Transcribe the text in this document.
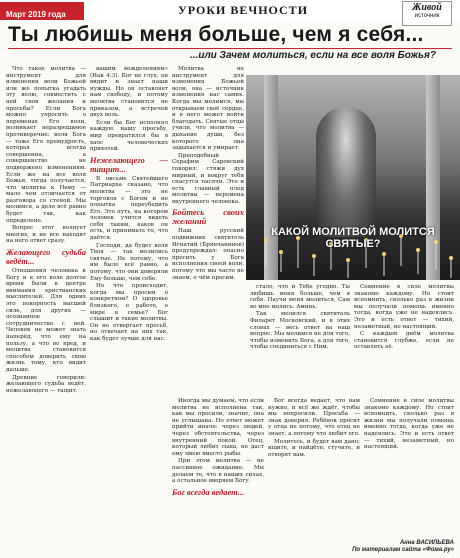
Март 2019 года	УРОКИ ВЕЧНОСТИ	Живой
источник
Ты любишь меня больше, чем я себя...
...или Зачем молиться, если на все воля Божья?

Что такое молитва — инструмент для изменения воли Божьей или же попытка угадать эту волю, совместить с ней свои желания и просьбы? Если Бога можно упросить о переменах Его воли, возникает неразрешимое противоречие: воля Бога — тоже Его премудрость, которая всегда совершенна, а совершенство не подвержено изменениям. Если же на все воля Божья, тогда получается, что молитва к Нему — мало чем отличается от разговора со стеной. Мы молимся, а дело всё равно будет так, как определено.

Вопрос этот волнует многих, и не все находят на него ответ сразу.

Желающего судьба ведёт...

Отношения человека к Богу и к его воле долгое время были в центре внимания христианских мыслителей. Для одних это покорность высшей силе, для других — осознанное сотрудничество с ней. Человек не может знать наперёд, что ему на пользу, а что во вред, и молитва становится способом доверить свою жизнь тому, кто видит дальше.

Древние говорили: желающего судьба ведёт, нежелающего — тащит.

вашим вожделениям» (Иак 4:3). Бог не глух, он видит и знает наши нужды. Но он оставляет нам свободу, и потому молитва становится не приказом, а встречей двух воль.

Если бы Бог исполнял каждую нашу просьбу, мир превратился бы в хаос человеческих прихотей.

Нежелающего — тащит...

В письме Святейшего Патриарха сказано, что молитва — это не торговля с Богом и не попытка переубедить Его. Это путь, на котором человек учится видеть себя таким, каков он есть, и принимать то, что даётся.

Господи, да будет воля Твоя — так молились святые. Не потому, что им было всё равно, а потому, что они доверяли Ему больше, чем себе.

Но что происходит, когда мы просим о конкретном? О здоровье близкого, о работе, о мире в семье? Бог слышит и такие молитвы. Он не отвергает просьб, но отвечает на них так, как будет лучше для нас.

Молитва не инструмент для изменения Божьей воли, она — источник изменения нас самих. Когда мы молимся, мы открываем своё сердце, и в него может войти благодать. Святые отцы учили, что молитва — дыхание души, без которого она задыхается и умирает.

Преподобный Серафим Саровский говорил: стяжи дух мирный, и вокруг тебя спасутся тысячи. Это и есть главный плод молитвы — перемена внутреннего человека.

Бойтесь своих желаний

Наш русский подвижник святитель Игнатий (Брянчанинов) предупреждал: опасно просить у Бога исполнения своей воли, потому что мы часто не знаем, о чём просим.

КАКОЙ МОЛИТВОЙ МОЛИТСЯ СВЯТЫЕ?

стало, что и Тебе угодно. Ты любишь меня больше, чем я себя. Научи меня молиться, Сам во мне молись. Аминь.

Так молился святитель Филарет Московский, и в этих словах — весь ответ на наш вопрос. Мы молимся не для того, чтобы изменить Бога, а для того, чтобы соединиться с Ним.

Сомнение в силе молитвы знакомо каждому. Но стоит вспомнить, сколько раз в жизни мы получали помощь именно тогда, когда уже не надеялись. Это и есть ответ — тихий, незаметный, но настоящий.

С каждым днём молитва становится глубже, если не оставлять её.

Иногда мы думаем, что если молитва не исполнена так, как мы просили, значит, она не услышана. Но ответ может прийти иначе: через людей, через обстоятельства, через внутренний покой. Отец, который любит сына, не даст ему змею вместо рыбы.

При этом молитва — не пассивное ожидание. Мы делаем то, что в наших силах, а остальное вверяем Богу.

Бог всегда ведает...

Бог всегда ведает, что нам нужно, и всё же ждёт, чтобы мы попросили. Просьба — знак доверия. Ребёнок просит у отца не потому, что отец не знает, а потому что любит его.

Молитесь, и будет вам дано; ищите, и найдёте; стучите, и отворят вам.

Сомнение в силе молитвы знакомо каждому. Но стоит вспомнить, сколько раз в жизни мы получали помощь именно тогда, когда уже не надеялись. Это и есть ответ — тихий, незаметный, но настоящий.

Анна ВАСИЛЬЕВА
По материалам сайта «Фома.ру»
